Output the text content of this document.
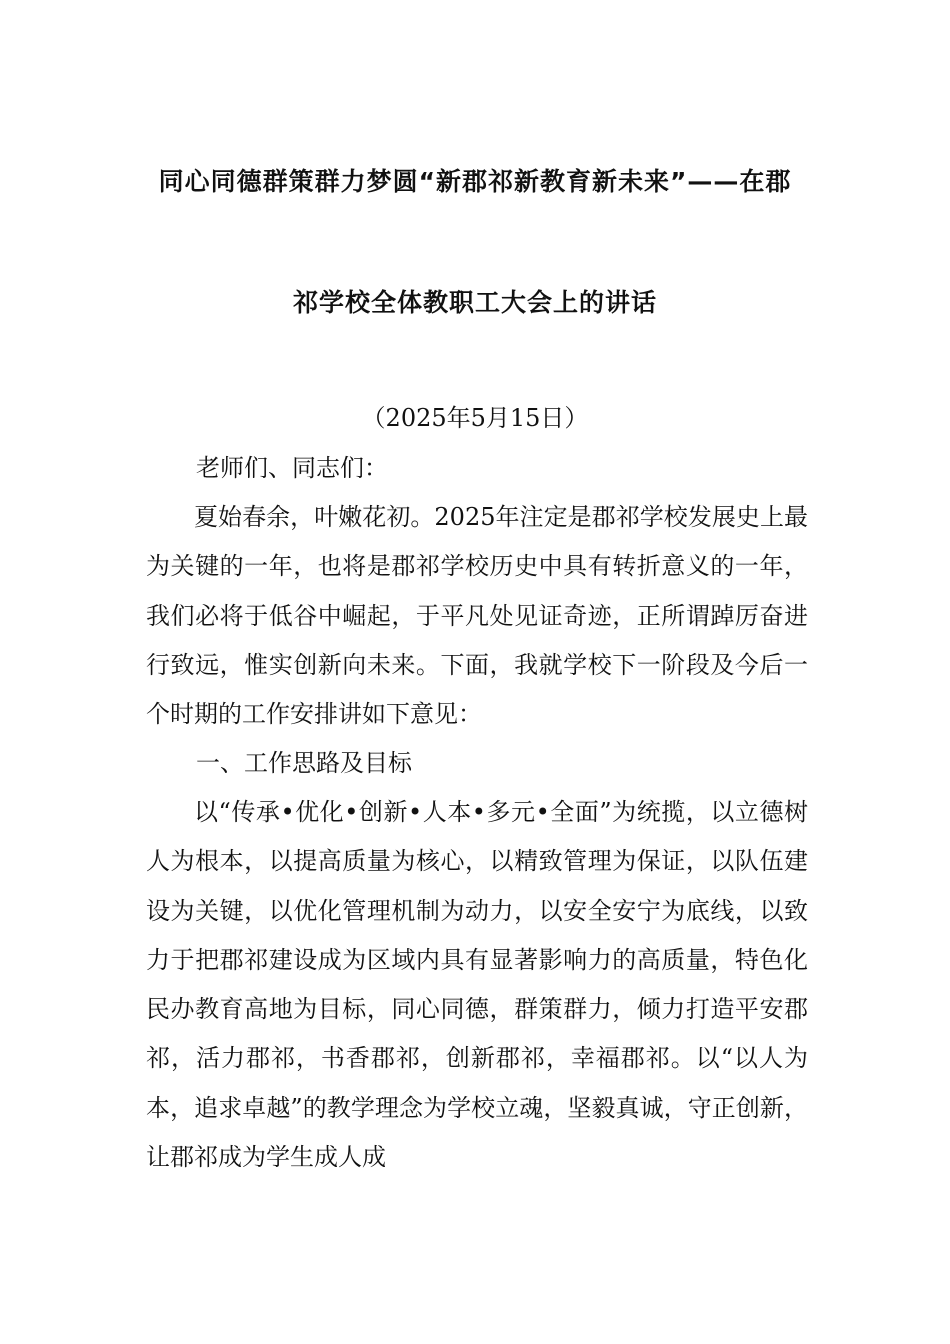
同心同德群策群力梦圆“新郡祁新教育新未来”——在郡
祁学校全体教职工大会上的讲话
（2025年5月15日）
老师们、同志们：

夏始春余，叶嫩花初。2025年注定是郡祁学校发展史上最为关键的一年，也将是郡祁学校历史中具有转折意义的一年，我们必将于低谷中崛起，于平凡处见证奇迹，正所谓踔厉奋进行致远，惟实创新向未来。下面，我就学校下一阶段及今后一个时期的工作安排讲如下意见：

一、工作思路及目标

以“传承•优化•创新•人本•多元•全面”为统揽，以立德树人为根本，以提高质量为核心，以精致管理为保证，以队伍建设为关键，以优化管理机制为动力，以安全安宁为底线，以致力于把郡祁建设成为区域内具有显著影响力的高质量，特色化民办教育高地为目标，同心同德，群策群力，倾力打造平安郡祁，活力郡祁，书香郡祁，创新郡祁，幸福郡祁。以“以人为本，追求卓越”的教学理念为学校立魂，坚毅真诚，守正创新，让郡祁成为学生成人成
